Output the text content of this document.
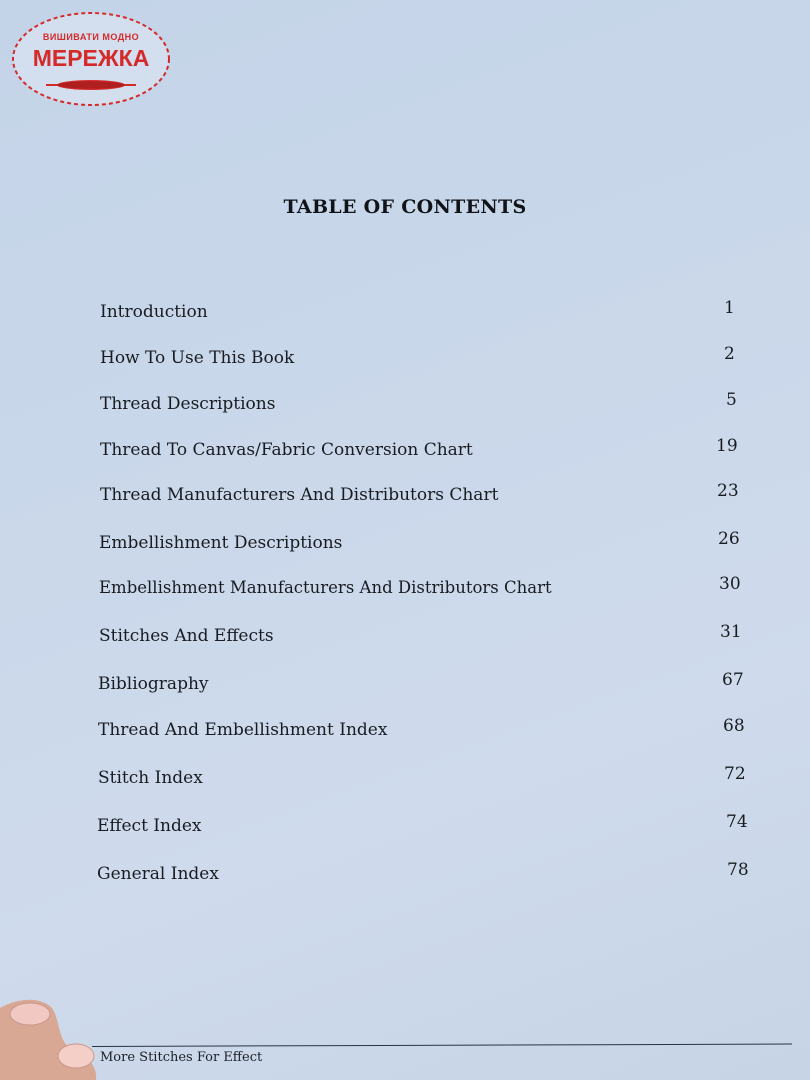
ВИШИВАТИ МОДНО
МЕРЕЖКА
TABLE OF CONTENTS
Introduction	1
How To Use This Book	2
Thread Descriptions	5
Thread To Canvas/Fabric Conversion Chart	19
Thread Manufacturers And Distributors Chart	23
Embellishment Descriptions	26
Embellishment Manufacturers And Distributors Chart	30
Stitches And Effects	31
Bibliography	67
Thread And Embellishment Index	68
Stitch Index	72
Effect Index	74
General Index	78
More Stitches For Effect
